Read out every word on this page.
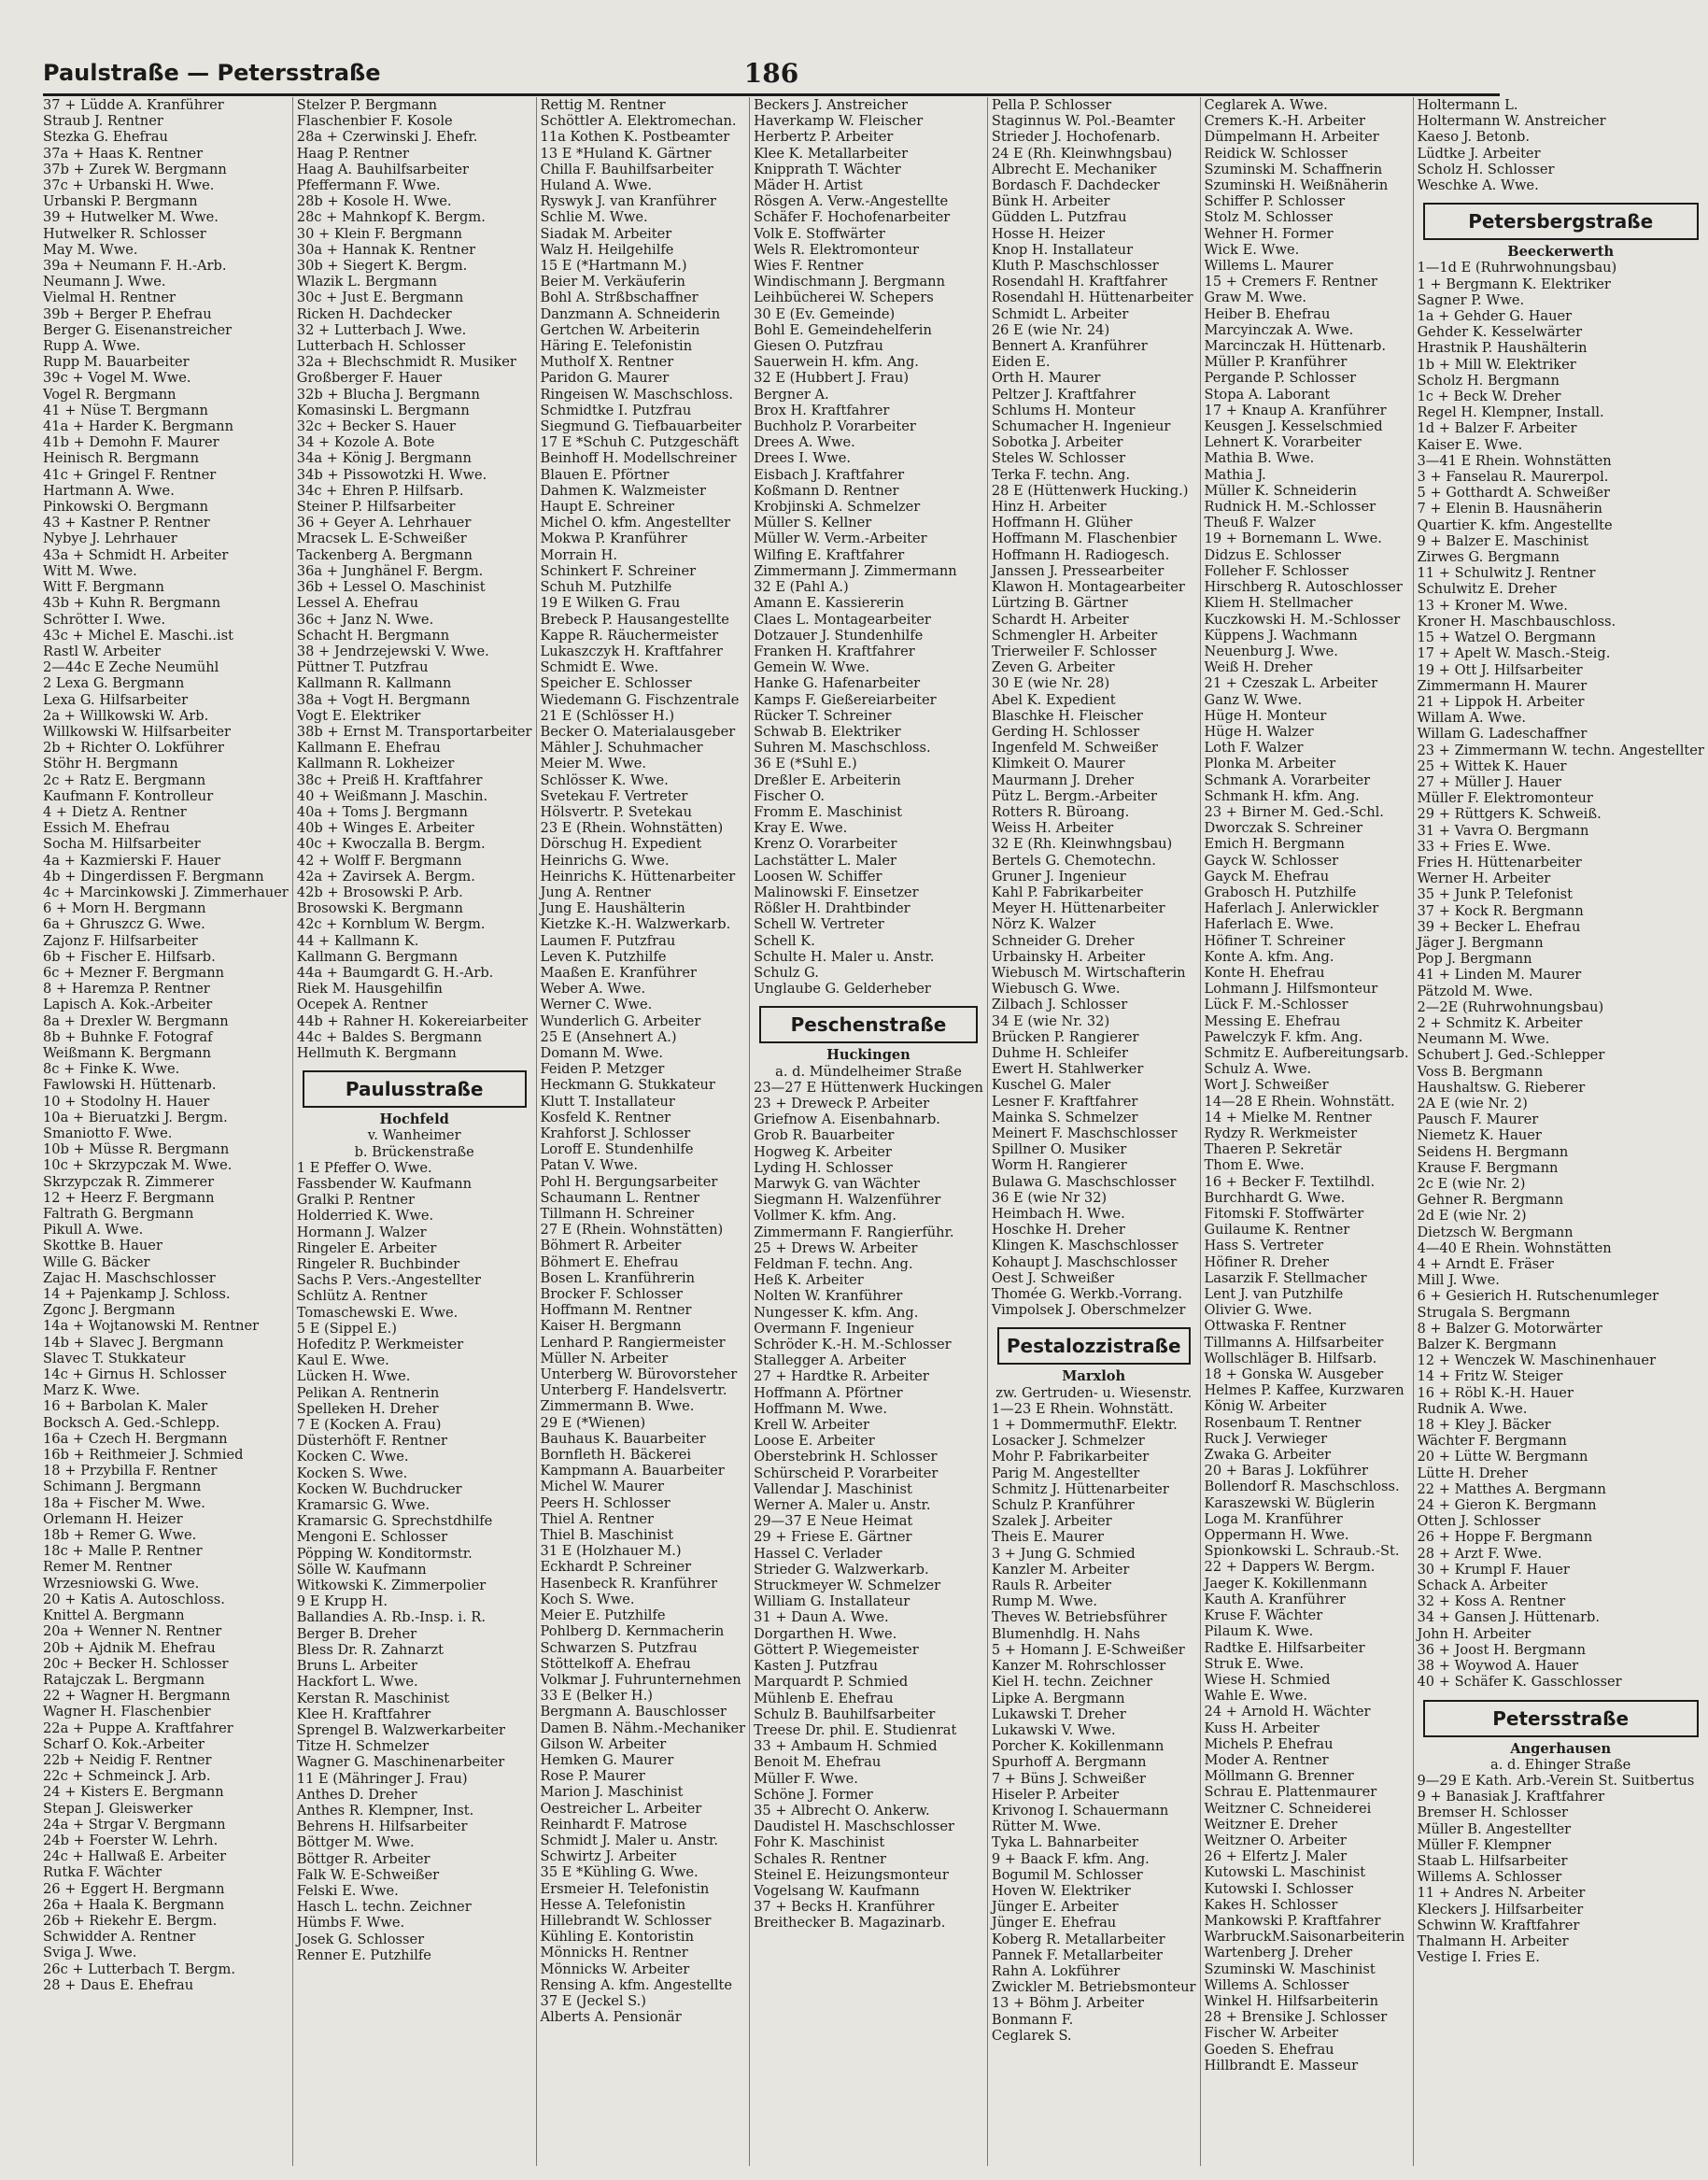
Paulstraße — Petersstraße	186
37 + Lüdde A. Kranführer
Straub J. Rentner
Stezka G. Ehefrau
37a + Haas K. Rentner
37b + Zurek W. Bergmann
37c + Urbanski H. Wwe.
Urbanski P. Bergmann
39 + Hutwelker M. Wwe.
Hutwelker R. Schlosser
May M. Wwe.
39a + Neumann F. H.-Arb.
Neumann J. Wwe.
Vielmal H. Rentner
39b + Berger P. Ehefrau
Berger G. Eisenanstreicher
Rupp A. Wwe.
Rupp M. Bauarbeiter
39c + Vogel M. Wwe.
Vogel R. Bergmann
41 + Nüse T. Bergmann
41a + Harder K. Bergmann
41b + Demohn F. Maurer
Heinisch R. Bergmann
41c + Gringel F. Rentner
Hartmann A. Wwe.
Pinkowski O. Bergmann
43 + Kastner P. Rentner
Nybye J. Lehrhauer
43a + Schmidt H. Arbeiter
Witt M. Wwe.
Witt F. Bergmann
43b + Kuhn R. Bergmann
Schrötter I. Wwe.
43c + Michel E. Maschi..ist
Rastl W. Arbeiter
2—44c E Zeche Neumühl
2 Lexa G. Bergmann
Lexa G. Hilfsarbeiter
2a + Willkowski W. Arb.
Willkowski W. Hilfsarbeiter
2b + Richter O. Lokführer
Stöhr H. Bergmann
2c + Ratz E. Bergmann
Kaufmann F. Kontrolleur
4 + Dietz A. Rentner
Essich M. Ehefrau
Socha M. Hilfsarbeiter
4a + Kazmierski F. Hauer
4b + Dingerdissen F. Bergmann
4c + Marcinkowski J. Zimmerhauer
6 + Morn H. Bergmann
6a + Ghruszcz G. Wwe.
Zajonz F. Hilfsarbeiter
6b + Fischer E. Hilfsarb.
6c + Mezner F. Bergmann
8 + Haremza P. Rentner
Lapisch A. Kok.-Arbeiter
8a + Drexler W. Bergmann
8b + Buhnke F. Fotograf
Weißmann K. Bergmann
8c + Finke K. Wwe.
Fawlowski H. Hüttenarb.
10 + Stodolny H. Hauer
10a + Bieruatzki J. Bergm.
Smaniotto F. Wwe.
10b + Müsse R. Bergmann
10c + Skrzypczak M. Wwe.
Skrzypczak R. Zimmerer
12 + Heerz F. Bergmann
Faltrath G. Bergmann
Pikull A. Wwe.
Skottke B. Hauer
Wille G. Bäcker
Zajac H. Maschschlosser
14 + Pajenkamp J. Schloss.
Zgonc J. Bergmann
14a + Wojtanowski M. Rentner
14b + Slavec J. Bergmann
Slavec T. Stukkateur
14c + Girnus H. Schlosser
Marz K. Wwe.
16 + Barbolan K. Maler
Bocksch A. Ged.-Schlepp.
16a + Czech H. Bergmann
16b + Reithmeier J. Schmied
18 + Przybilla F. Rentner
Schimann J. Bergmann
18a + Fischer M. Wwe.
Orlemann H. Heizer
18b + Remer G. Wwe.
18c + Malle P. Rentner
Remer M. Rentner
Wrzesniowski G. Wwe.
20 + Katis A. Autoschloss.
Knittel A. Bergmann
20a + Wenner N. Rentner
20b + Ajdnik M. Ehefrau
20c + Becker H. Schlosser
Ratajczak L. Bergmann
22 + Wagner H. Bergmann
Wagner H. Flaschenbier
22a + Puppe A. Kraftfahrer
Scharf O. Kok.-Arbeiter
22b + Neidig F. Rentner
22c + Schmeinck J. Arb.
24 + Kisters E. Bergmann
Stepan J. Gleiswerker
24a + Strgar V. Bergmann
24b + Foerster W. Lehrh.
24c + Hallwaß E. Arbeiter
Rutka F. Wächter
26 + Eggert H. Bergmann
26a + Haala K. Bergmann
26b + Riekehr E. Bergm.
Schwidder A. Rentner
Sviga J. Wwe.
26c + Lutterbach T. Bergm.
28 + Daus E. Ehefrau
Stelzer P. Bergmann
Flaschenbier F. Kosole
28a + Czerwinski J. Ehefr.
Haag P. Rentner
Haag A. Bauhilfsarbeiter
Pfeffermann F. Wwe.
28b + Kosole H. Wwe.
28c + Mahnkopf K. Bergm.
30 + Klein F. Bergmann
30a + Hannak K. Rentner
30b + Siegert K. Bergm.
Wlazik L. Bergmann
30c + Just E. Bergmann
Ricken H. Dachdecker
32 + Lutterbach J. Wwe.
Lutterbach H. Schlosser
32a + Blechschmidt R. Musiker
Großberger F. Hauer
32b + Blucha J. Bergmann
Komasinski L. Bergmann
32c + Becker S. Hauer
34 + Kozole A. Bote
34a + König J. Bergmann
34b + Pissowotzki H. Wwe.
34c + Ehren P. Hilfsarb.
Steiner P. Hilfsarbeiter
36 + Geyer A. Lehrhauer
Mracsek L. E-Schweißer
Tackenberg A. Bergmann
36a + Junghänel F. Bergm.
36b + Lessel O. Maschinist
Lessel A. Ehefrau
36c + Janz N. Wwe.
Schacht H. Bergmann
38 + Jendrzejewski V. Wwe.
Püttner T. Putzfrau
Kallmann R. Kallmann
38a + Vogt H. Bergmann
Vogt E. Elektriker
38b + Ernst M. Transportarbeiter
Kallmann E. Ehefrau
Kallmann R. Lokheizer
38c + Preiß H. Kraftfahrer
40 + Weißmann J. Maschin.
40a + Toms J. Bergmann
40b + Winges E. Arbeiter
40c + Kwoczalla B. Bergm.
42 + Wolff F. Bergmann
42a + Zavirsek A. Bergm.
42b + Brosowski P. Arb.
Brosowski K. Bergmann
42c + Kornblum W. Bergm.
44 + Kallmann K.
Kallmann G. Bergmann
44a + Baumgardt G. H.-Arb.
Riek M. Hausgehilfin
Ocepek A. Rentner
44b + Rahner H. Kokereiarbeiter
44c + Baldes S. Bergmann
Hellmuth K. Bergmann
Paulusstraße
Hochfeld
v. Wanheimer
b. Brückenstraße
1 E Pfeffer O. Wwe.
Fassbender W. Kaufmann
Gralki P. Rentner
Holderried K. Wwe.
Hormann J. Walzer
Ringeler E. Arbeiter
Ringeler R. Buchbinder
Sachs P. Vers.-Angestellter
Schlütz A. Rentner
Tomaschewski E. Wwe.
5 E (Sippel E.)
Hofeditz P. Werkmeister
Kaul E. Wwe.
Lücken H. Wwe.
Pelikan A. Rentnerin
Spelleken H. Dreher
7 E (Kocken A. Frau)
Düsterhöft F. Rentner
Kocken C. Wwe.
Kocken S. Wwe.
Kocken W. Buchdrucker
Kramarsic G. Wwe.
Kramarsic G. Sprechstdhilfe
Mengoni E. Schlosser
Pöpping W. Konditormstr.
Sölle W. Kaufmann
Witkowski K. Zimmerpolier
9 E Krupp H.
Ballandies A. Rb.-Insp. i. R.
Berger B. Dreher
Bless Dr. R. Zahnarzt
Bruns L. Arbeiter
Hackfort L. Wwe.
Kerstan R. Maschinist
Klee H. Kraftfahrer
Sprengel B. Walzwerkarbeiter
Titze H. Schmelzer
Wagner G. Maschinenarbeiter
11 E (Mähringer J. Frau)
Anthes D. Dreher
Anthes R. Klempner, Inst.
Behrens H. Hilfsarbeiter
Böttger M. Wwe.
Böttger R. Arbeiter
Falk W. E-Schweißer
Felski E. Wwe.
Hasch L. techn. Zeichner
Hümbs F. Wwe.
Josek G. Schlosser
Renner E. Putzhilfe
Rettig M. Rentner
Schöttler A. Elektromechan.
11a Kothen K. Postbeamter
13 E *Huland K. Gärtner
Chilla F. Bauhilfsarbeiter
Huland A. Wwe.
Ryswyk J. van Kranführer
Schlie M. Wwe.
Siadak M. Arbeiter
Walz H. Heilgehilfe
15 E (*Hartmann M.)
Beier M. Verkäuferin
Bohl A. Strßbschaffner
Danzmann A. Schneiderin
Gertchen W. Arbeiterin
Häring E. Telefonistin
Mutholf X. Rentner
Paridon G. Maurer
Ringeisen W. Maschschloss.
Schmidtke I. Putzfrau
Siegmund G. Tiefbauarbeiter
17 E *Schuh C. Putzgeschäft
Beinhoff H. Modellschreiner
Blauen E. Pförtner
Dahmen K. Walzmeister
Haupt E. Schreiner
Michel O. kfm. Angestellter
Mokwa P. Kranführer
Morrain H.
Schinkert F. Schreiner
Schuh M. Putzhilfe
19 E Wilken G. Frau
Brebeck P. Hausangestellte
Kappe R. Räuchermeister
Lukaszczyk H. Kraftfahrer
Schmidt E. Wwe.
Speicher E. Schlosser
Wiedemann G. Fischzentrale
21 E (Schlösser H.)
Becker O. Materialausgeber
Mähler J. Schuhmacher
Meier M. Wwe.
Schlösser K. Wwe.
Svetekau F. Vertreter
Hölsvertr. P. Svetekau
23 E (Rhein. Wohnstätten)
Dörschug H. Expedient
Heinrichs G. Wwe.
Heinrichs K. Hüttenarbeiter
Jung A. Rentner
Jung E. Haushälterin
Kietzke K.-H. Walzwerkarb.
Laumen F. Putzfrau
Leven K. Putzhilfe
Maaßen E. Kranführer
Weber A. Wwe.
Werner C. Wwe.
Wunderlich G. Arbeiter
25 E (Ansehnert A.)
Domann M. Wwe.
Feiden P. Metzger
Heckmann G. Stukkateur
Klutt T. Installateur
Kosfeld K. Rentner
Krahforst J. Schlosser
Loroff E. Stundenhilfe
Patan V. Wwe.
Pohl H. Bergungsarbeiter
Schaumann L. Rentner
Tillmann H. Schreiner
27 E (Rhein. Wohnstätten)
Böhmert R. Arbeiter
Böhmert E. Ehefrau
Bosen L. Kranführerin
Brocker F. Schlosser
Hoffmann M. Rentner
Kaiser H. Bergmann
Lenhard P. Rangiermeister
Müller N. Arbeiter
Unterberg W. Bürovorsteher
Unterberg F. Handelsvertr.
Zimmermann B. Wwe.
29 E (*Wienen)
Bauhaus K. Bauarbeiter
Bornfleth H. Bäckerei
Kampmann A. Bauarbeiter
Michel W. Maurer
Peers H. Schlosser
Thiel A. Rentner
Thiel B. Maschinist
31 E (Holzhauer M.)
Eckhardt P. Schreiner
Hasenbeck R. Kranführer
Koch S. Wwe.
Meier E. Putzhilfe
Pohlberg D. Kernmacherin
Schwarzen S. Putzfrau
Stöttelkoff A. Ehefrau
Volkmar J. Fuhrunternehmen
33 E (Belker H.)
Bergmann A. Bauschlosser
Damen B. Nähm.-Mechaniker
Gilson W. Arbeiter
Hemken G. Maurer
Rose P. Maurer
Marion J. Maschinist
Oestreicher L. Arbeiter
Reinhardt F. Matrose
Schmidt J. Maler u. Anstr.
Schwirtz J. Arbeiter
35 E *Kühling G. Wwe.
Ersmeier H. Telefonistin
Hesse A. Telefonistin
Hillebrandt W. Schlosser
Kühling E. Kontoristin
Mönnicks H. Rentner
Mönnicks W. Arbeiter
Rensing A. kfm. Angestellte
37 E (Jeckel S.)
Alberts A. Pensionär
Beckers J. Anstreicher
Haverkamp W. Fleischer
Herbertz P. Arbeiter
Klee K. Metallarbeiter
Knipprath T. Wächter
Mäder H. Artist
Rösgen A. Verw.-Angestellte
Schäfer F. Hochofenarbeiter
Volk E. Stoffwärter
Wels R. Elektromonteur
Wies F. Rentner
Windischmann J. Bergmann
Leihbücherei W. Schepers
30 E (Ev. Gemeinde)
Bohl E. Gemeindehelferin
Giesen O. Putzfrau
Sauerwein H. kfm. Ang.
32 E (Hubbert J. Frau)
Bergner A.
Brox H. Kraftfahrer
Buchholz P. Vorarbeiter
Drees A. Wwe.
Drees I. Wwe.
Eisbach J. Kraftfahrer
Koßmann D. Rentner
Krobjinski A. Schmelzer
Müller S. Kellner
Müller W. Verm.-Arbeiter
Wilfing E. Kraftfahrer
Zimmermann J. Zimmermann
32 E (Pahl A.)
Amann E. Kassiererin
Claes L. Montagearbeiter
Dotzauer J. Stundenhilfe
Franken H. Kraftfahrer
Gemein W. Wwe.
Hanke G. Hafenarbeiter
Kamps F. Gießereiarbeiter
Rücker T. Schreiner
Schwab B. Elektriker
Suhren M. Maschschloss.
36 E (*Suhl E.)
Dreßler E. Arbeiterin
Fischer O.
Fromm E. Maschinist
Kray E. Wwe.
Krenz O. Vorarbeiter
Lachstätter L. Maler
Loosen W. Schiffer
Malinowski F. Einsetzer
Rößler H. Drahtbinder
Schell W. Vertreter
Schell K.
Schulte H. Maler u. Anstr.
Schulz G.
Unglaube G. Gelderheber
Peschenstraße
Huckingen
a. d. Mündelheimer Straße
23—27 E Hüttenwerk Huckingen
23 + Dreweck P. Arbeiter
Griefnow A. Eisenbahnarb.
Grob R. Bauarbeiter
Hogweg K. Arbeiter
Lyding H. Schlosser
Marwyk G. van Wächter
Siegmann H. Walzenführer
Vollmer K. kfm. Ang.
Zimmermann F. Rangierführ.
25 + Drews W. Arbeiter
Feldman F. techn. Ang.
Heß K. Arbeiter
Nolten W. Kranführer
Nungesser K. kfm. Ang.
Overmann F. Ingenieur
Schröder K.-H. M.-Schlosser
Stallegger A. Arbeiter
27 + Hardtke R. Arbeiter
Hoffmann A. Pförtner
Hoffmann M. Wwe.
Krell W. Arbeiter
Loose E. Arbeiter
Oberstebrink H. Schlosser
Schürscheid P. Vorarbeiter
Vallendar J. Maschinist
Werner A. Maler u. Anstr.
29—37 E Neue Heimat
29 + Friese E. Gärtner
Hassel C. Verlader
Strieder G. Walzwerkarb.
Struckmeyer W. Schmelzer
William G. Installateur
31 + Daun A. Wwe.
Dorgarthen H. Wwe.
Göttert P. Wiegemeister
Kasten J. Putzfrau
Marquardt P. Schmied
Mühlenb E. Ehefrau
Schulz B. Bauhilfsarbeiter
Treese Dr. phil. E. Studienrat
33 + Ambaum H. Schmied
Benoit M. Ehefrau
Müller F. Wwe.
Schöne J. Former
35 + Albrecht O. Ankerw.
Daudistel H. Maschschlosser
Fohr K. Maschinist
Schales R. Rentner
Steinel E. Heizungsmonteur
Vogelsang W. Kaufmann
37 + Becks H. Kranführer
Breithecker B. Magazinarb.
Pella P. Schlosser
Staginnus W. Pol.-Beamter
Strieder J. Hochofenarb.
24 E (Rh. Kleinwhngsbau)
Albrecht E. Mechaniker
Bordasch F. Dachdecker
Bünk H. Arbeiter
Güdden L. Putzfrau
Hosse H. Heizer
Knop H. Installateur
Kluth P. Maschschlosser
Rosendahl H. Kraftfahrer
Rosendahl H. Hüttenarbeiter
Schmidt L. Arbeiter
26 E (wie Nr. 24)
Bennert A. Kranführer
Eiden E.
Orth H. Maurer
Peltzer J. Kraftfahrer
Schlums H. Monteur
Schumacher H. Ingenieur
Sobotka J. Arbeiter
Steles W. Schlosser
Terka F. techn. Ang.
28 E (Hüttenwerk Hucking.)
Hinz H. Arbeiter
Hoffmann H. Glüher
Hoffmann M. Flaschenbier
Hoffmann H. Radiogesch.
Janssen J. Pressearbeiter
Klawon H. Montagearbeiter
Lürtzing B. Gärtner
Schardt H. Arbeiter
Schmengler H. Arbeiter
Trierweiler F. Schlosser
Zeven G. Arbeiter
30 E (wie Nr. 28)
Abel K. Expedient
Blaschke H. Fleischer
Gerding H. Schlosser
Ingenfeld M. Schweißer
Klimkeit O. Maurer
Maurmann J. Dreher
Pütz L. Bergm.-Arbeiter
Rotters R. Büroang.
Weiss H. Arbeiter
32 E (Rh. Kleinwhngsbau)
Bertels G. Chemotechn.
Gruner J. Ingenieur
Kahl P. Fabrikarbeiter
Meyer H. Hüttenarbeiter
Nörz K. Walzer
Schneider G. Dreher
Urbainsky H. Arbeiter
Wiebusch M. Wirtschafterin
Wiebusch G. Wwe.
Zilbach J. Schlosser
34 E (wie Nr. 32)
Brücken P. Rangierer
Duhme H. Schleifer
Ewert H. Stahlwerker
Kuschel G. Maler
Lesner F. Kraftfahrer
Mainka S. Schmelzer
Meinert F. Maschschlosser
Spillner O. Musiker
Worm H. Rangierer
Bulawa G. Maschschlosser
36 E (wie Nr 32)
Heimbach H. Wwe.
Hoschke H. Dreher
Klingen K. Maschschlosser
Kohaupt J. Maschschlosser
Oest J. Schweißer
Thomée G. Werkb.-Vorrang.
Vimpolsek J. Oberschmelzer
Pestalozzistraße
Marxloh
zw. Gertruden- u. Wiesenstr.
1—23 E Rhein. Wohnstätt.
1 + DommermuthF. Elektr.
Losacker J. Schmelzer
Mohr P. Fabrikarbeiter
Parig M. Angestellter
Schmitz J. Hüttenarbeiter
Schulz P. Kranführer
Szalek J. Arbeiter
Theis E. Maurer
3 + Jung G. Schmied
Kanzler M. Arbeiter
Rauls R. Arbeiter
Rump M. Wwe.
Theves W. Betriebsführer
Blumenhdlg. H. Nahs
5 + Homann J. E-Schweißer
Kanzer M. Rohrschlosser
Kiel H. techn. Zeichner
Lipke A. Bergmann
Lukawski T. Dreher
Lukawski V. Wwe.
Porcher K. Kokillenmann
Spurhoff A. Bergmann
7 + Büns J. Schweißer
Hiseler P. Arbeiter
Krivonog I. Schauermann
Rütter M. Wwe.
Tyka L. Bahnarbeiter
9 + Baack F. kfm. Ang.
Bogumil M. Schlosser
Hoven W. Elektriker
Jünger E. Arbeiter
Jünger E. Ehefrau
Koberg R. Metallarbeiter
Pannek F. Metallarbeiter
Rahn A. Lokführer
Zwickler M. Betriebsmonteur
13 + Böhm J. Arbeiter
Bonmann F.
Ceglarek S.
Ceglarek A. Wwe.
Cremers K.-H. Arbeiter
Dümpelmann H. Arbeiter
Reidick W. Schlosser
Szuminski M. Schaffnerin
Szuminski H. Weißnäherin
Schiffer P. Schlosser
Stolz M. Schlosser
Wehner H. Former
Wick E. Wwe.
Willems L. Maurer
15 + Cremers F. Rentner
Graw M. Wwe.
Heiber B. Ehefrau
Marcyinczak A. Wwe.
Marcinczak H. Hüttenarb.
Müller P. Kranführer
Pergande P. Schlosser
Stopa A. Laborant
17 + Knaup A. Kranführer
Keusgen J. Kesselschmied
Lehnert K. Vorarbeiter
Mathia B. Wwe.
Mathia J.
Müller K. Schneiderin
Rudnick H. M.-Schlosser
Theuß F. Walzer
19 + Bornemann L. Wwe.
Didzus E. Schlosser
Folleher F. Schlosser
Hirschberg R. Autoschlosser
Kliem H. Stellmacher
Kuczkowski H. M.-Schlosser
Küppens J. Wachmann
Neuenburg J. Wwe.
Weiß H. Dreher
21 + Czeszak L. Arbeiter
Ganz W. Wwe.
Hüge H. Monteur
Hüge H. Walzer
Loth F. Walzer
Plonka M. Arbeiter
Schmank A. Vorarbeiter
Schmank H. kfm. Ang.
23 + Birner M. Ged.-Schl.
Dworczak S. Schreiner
Emich H. Bergmann
Gayck W. Schlosser
Gayck M. Ehefrau
Grabosch H. Putzhilfe
Haferlach J. Anlerwickler
Haferlach E. Wwe.
Höfiner T. Schreiner
Konte A. kfm. Ang.
Konte H. Ehefrau
Lohmann J. Hilfsmonteur
Lück F. M.-Schlosser
Messing E. Ehefrau
Pawelczyk F. kfm. Ang.
Schmitz E. Aufbereitungsarb.
Schulz A. Wwe.
Wort J. Schweißer
14—28 E Rhein. Wohnstätt.
14 + Mielke M. Rentner
Rydzy R. Werkmeister
Thaeren P. Sekretär
Thom E. Wwe.
16 + Becker F. Textilhdl.
Burchhardt G. Wwe.
Fitomski F. Stoffwärter
Guilaume K. Rentner
Hass S. Vertreter
Höfiner R. Dreher
Lasarzik F. Stellmacher
Lent J. van Putzhilfe
Olivier G. Wwe.
Ottwaska F. Rentner
Tillmanns A. Hilfsarbeiter
Wollschläger B. Hilfsarb.
18 + Gonska W. Ausgeber
Helmes P. Kaffee, Kurzwaren
König W. Arbeiter
Rosenbaum T. Rentner
Ruck J. Verwieger
Zwaka G. Arbeiter
20 + Baras J. Lokführer
Bollendorf R. Maschschloss.
Karaszewski W. Büglerin
Loga M. Kranführer
Oppermann H. Wwe.
Spionkowski L. Schraub.-St.
22 + Dappers W. Bergm.
Jaeger K. Kokillenmann
Kauth A. Kranführer
Kruse F. Wächter
Pilaum K. Wwe.
Radtke E. Hilfsarbeiter
Struk E. Wwe.
Wiese H. Schmied
Wahle E. Wwe.
24 + Arnold H. Wächter
Kuss H. Arbeiter
Michels P. Ehefrau
Moder A. Rentner
Möllmann G. Brenner
Schrau E. Plattenmaurer
Weitzner C. Schneiderei
Weitzner E. Dreher
Weitzner O. Arbeiter
26 + Elfertz J. Maler
Kutowski L. Maschinist
Kutowski I. Schlosser
Kakes H. Schlosser
Mankowski P. Kraftfahrer
WarbruckM.Saisonarbeiterin
Wartenberg J. Dreher
Szuminski W. Maschinist
Willems A. Schlosser
Winkel H. Hilfsarbeiterin
28 + Brensike J. Schlosser
Fischer W. Arbeiter
Goeden S. Ehefrau
Hillbrandt E. Masseur
Holtermann L.
Holtermann W. Anstreicher
Kaeso J. Betonb.
Lüdtke J. Arbeiter
Scholz H. Schlosser
Weschke A. Wwe.
Petersbergstraße
Beeckerwerth
1—1d E (Ruhrwohnungsbau)
1 + Bergmann K. Elektriker
Sagner P. Wwe.
1a + Gehder G. Hauer
Gehder K. Kesselwärter
Hrastnik P. Haushälterin
1b + Mill W. Elektriker
Scholz H. Bergmann
1c + Beck W. Dreher
Regel H. Klempner, Install.
1d + Balzer F. Arbeiter
Kaiser E. Wwe.
3—41 E Rhein. Wohnstätten
3 + Fanselau R. Maurerpol.
5 + Gotthardt A. Schweißer
7 + Elenin B. Hausnäherin
Quartier K. kfm. Angestellte
9 + Balzer E. Maschinist
Zirwes G. Bergmann
11 + Schulwitz J. Rentner
Schulwitz E. Dreher
13 + Kroner M. Wwe.
Kroner H. Maschbauschloss.
15 + Watzel O. Bergmann
17 + Apelt W. Masch.-Steig.
19 + Ott J. Hilfsarbeiter
Zimmermann H. Maurer
21 + Lippok H. Arbeiter
Willam A. Wwe.
Willam G. Ladeschaffner
23 + Zimmermann W. techn. Angestellter
25 + Wittek K. Hauer
27 + Müller J. Hauer
Müller F. Elektromonteur
29 + Rüttgers K. Schweiß.
31 + Vavra O. Bergmann
33 + Fries E. Wwe.
Fries H. Hüttenarbeiter
Werner H. Arbeiter
35 + Junk P. Telefonist
37 + Kock R. Bergmann
39 + Becker L. Ehefrau
Jäger J. Bergmann
Pop J. Bergmann
41 + Linden M. Maurer
Pätzold M. Wwe.
2—2E (Ruhrwohnungsbau)
2 + Schmitz K. Arbeiter
Neumann M. Wwe.
Schubert J. Ged.-Schlepper
Voss B. Bergmann
Haushaltsw. G. Rieberer
2A E (wie Nr. 2)
Pausch F. Maurer
Niemetz K. Hauer
Seidens H. Bergmann
Krause F. Bergmann
2c E (wie Nr. 2)
Gehner R. Bergmann
2d E (wie Nr. 2)
Dietzsch W. Bergmann
4—40 E Rhein. Wohnstätten
4 + Arndt E. Fräser
Mill J. Wwe.
6 + Gesierich H. Rutschenumleger
Strugala S. Bergmann
8 + Balzer G. Motorwärter
Balzer K. Bergmann
12 + Wenczek W. Maschinenhauer
14 + Fritz W. Steiger
16 + Röbl K.-H. Hauer
Rudnik A. Wwe.
18 + Kley J. Bäcker
Wächter F. Bergmann
20 + Lütte W. Bergmann
Lütte H. Dreher
22 + Matthes A. Bergmann
24 + Gieron K. Bergmann
Otten J. Schlosser
26 + Hoppe F. Bergmann
28 + Arzt F. Wwe.
30 + Krumpl F. Hauer
Schack A. Arbeiter
32 + Koss A. Rentner
34 + Gansen J. Hüttenarb.
John H. Arbeiter
36 + Joost H. Bergmann
38 + Woywod A. Hauer
40 + Schäfer K. Gasschlosser
Petersstraße
Angerhausen
a. d. Ehinger Straße
9—29 E Kath. Arb.-Verein St. Suitbertus
9 + Banasiak J. Kraftfahrer
Bremser H. Schlosser
Müller B. Angestellter
Müller F. Klempner
Staab L. Hilfsarbeiter
Willems A. Schlosser
11 + Andres N. Arbeiter
Kleckers J. Hilfsarbeiter
Schwinn W. Kraftfahrer
Thalmann H. Arbeiter
Vestige I. Fries E.
